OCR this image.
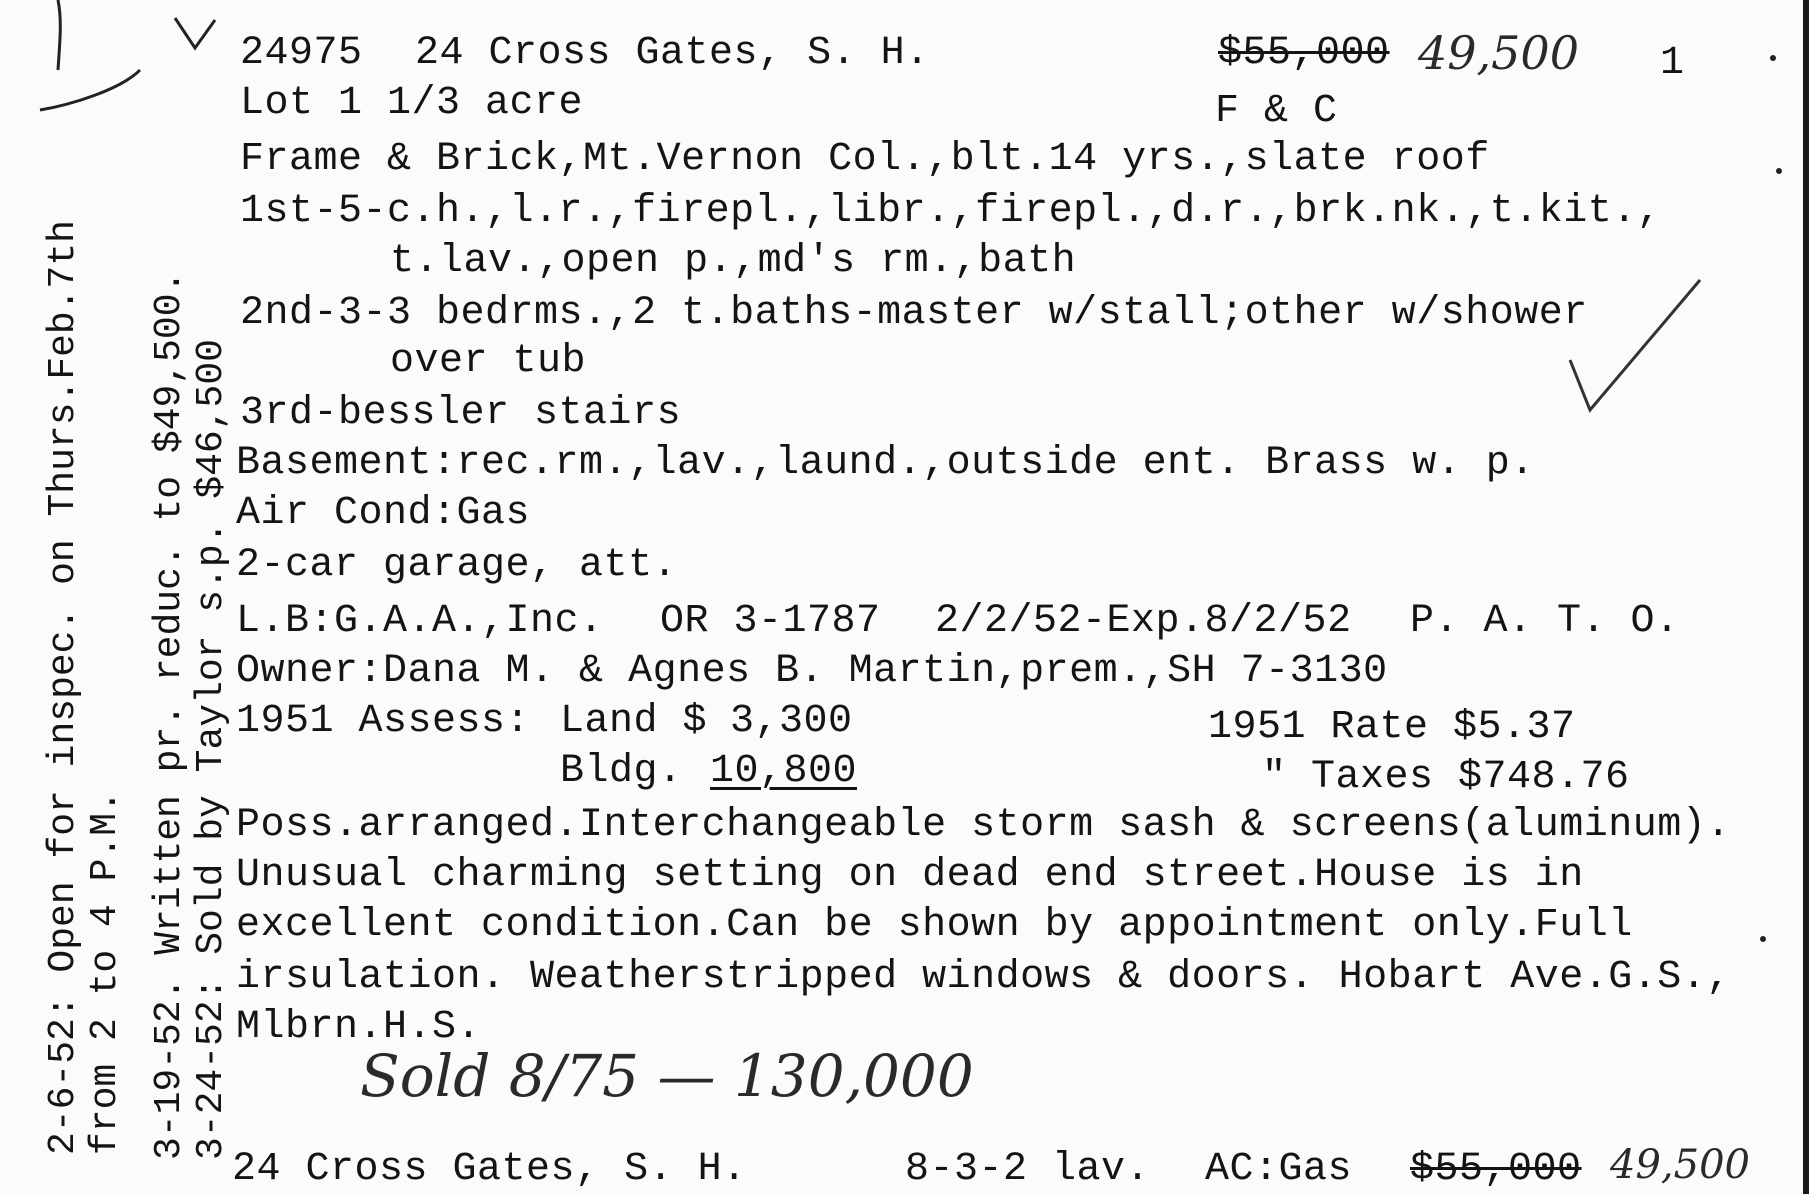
24975 24 Cross Gates, S. H.	$55,000 49,500 1
Lot 1 1/3 acre	F & C
Frame & Brick,Mt.Vernon Col.,blt.14 yrs.,slate roof
1st-5-c.h.,l.r.,firepl.,libr.,firepl.,d.r.,brk.nk.,t.kit.,
t.lav.,open p.,md's rm.,bath
2nd-3-3 bedrms.,2 t.baths-master w/stall;other w/shower
over tub
3rd-bessler stairs
Basement:rec.rm.,lav.,laund.,outside ent. Brass w. p.
Air Cond:Gas
2-car garage, att.
L.B:G.A.A.,Inc. OR 3-1787 2/2/52-Exp.8/2/52 P. A. T. O.
Owner:Dana M. & Agnes B. Martin,prem.,SH 7-3130
1951 Assess: Land $ 3,300	1951 Rate $5.37
Bldg. 10,800	" Taxes $748.76
Poss.arranged.Interchangeable storm sash & screens(aluminum).
Unusual charming setting on dead end street.House is in
excellent condition.Can be shown by appointment only.Full
irsulation. Weatherstripped windows & doors. Hobart Ave.G.S.,
Mlbrn.H.S.
Sold 8/75 — 130,000
24 Cross Gates, S. H.	8-3-2 lav. AC:Gas $55,000 49,500
2-6-52: Open for inspec. on Thurs.Feb.7th from 2 to 4 P.M. 3-19-52. Written pr. reduc. to $49,500. 3-24-52: Sold by Taylor s.p. $46,500
